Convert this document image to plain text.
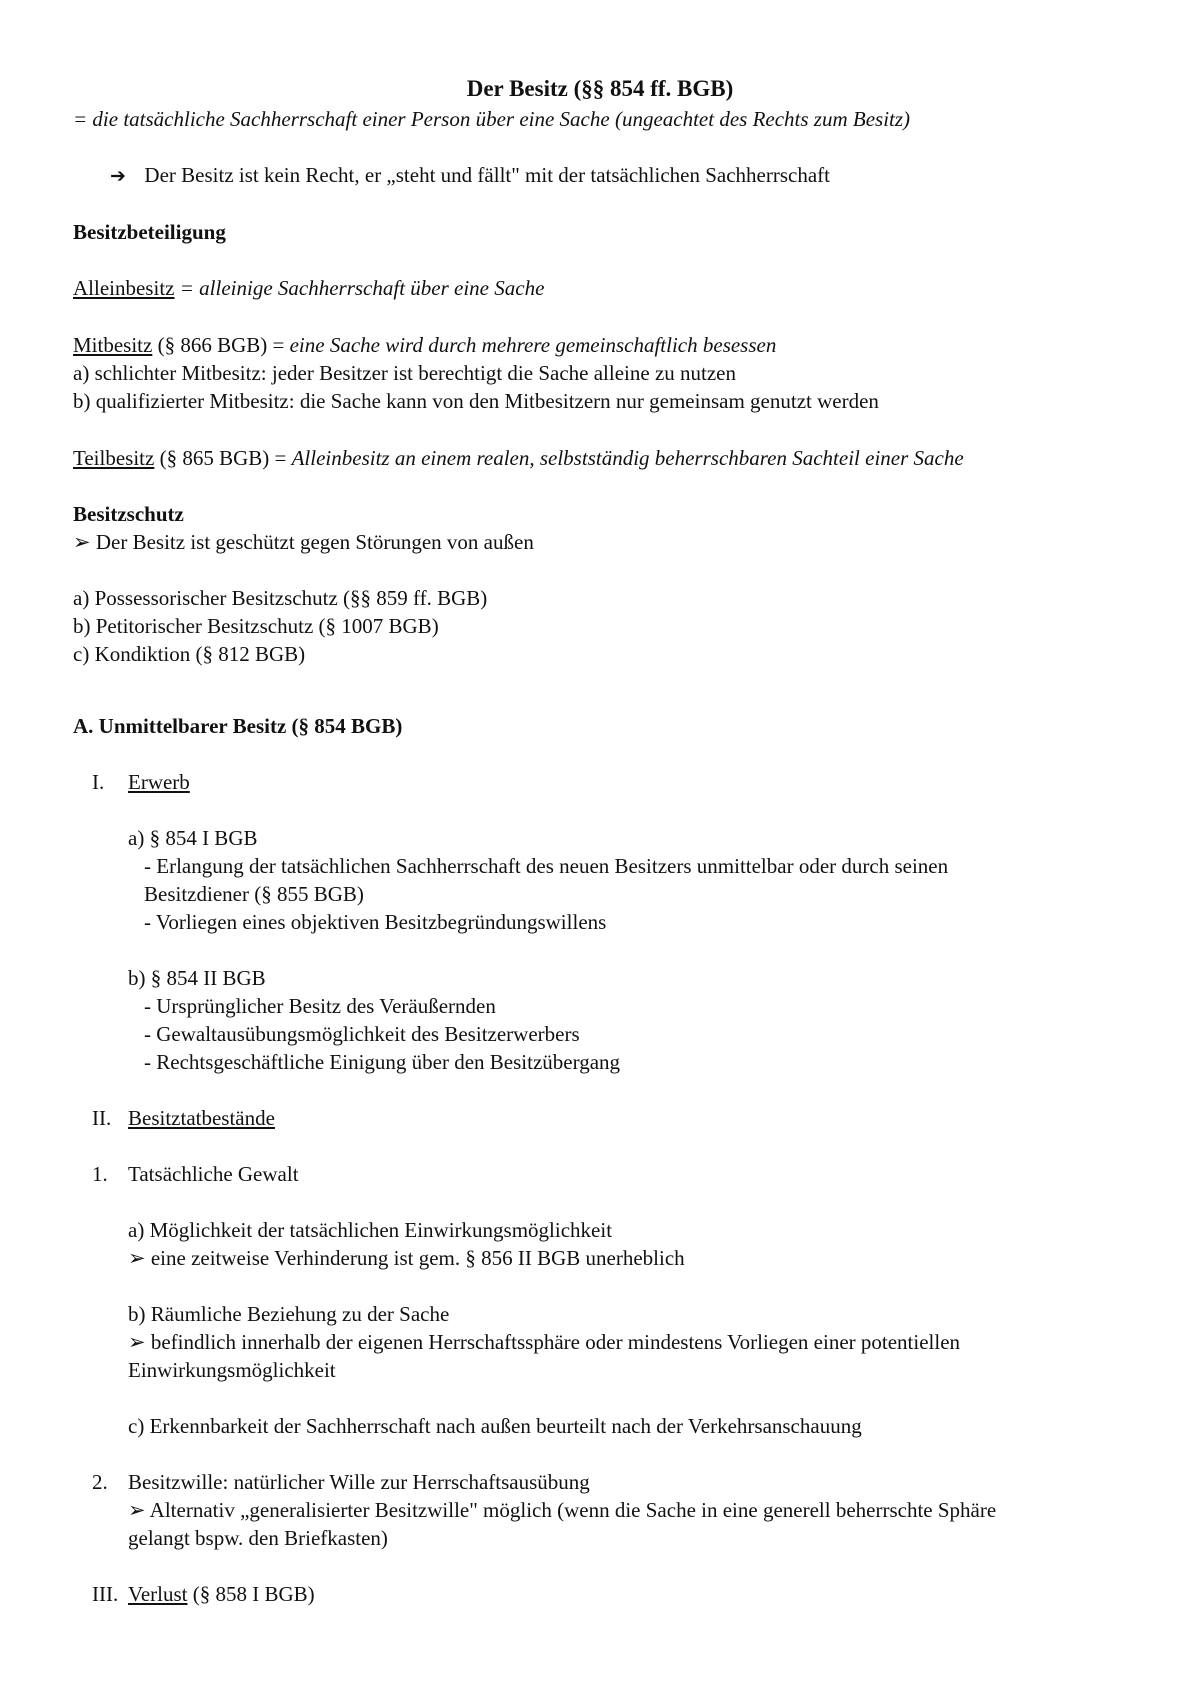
Der Besitz (§§ 854 ff. BGB)
= die tatsächliche Sachherrschaft einer Person über eine Sache (ungeachtet des Rechts zum Besitz)
➔ Der Besitz ist kein Recht, er „steht und fällt" mit der tatsächlichen Sachherrschaft
Besitzbeteiligung
Alleinbesitz = alleinige Sachherrschaft über eine Sache
Mitbesitz (§ 866 BGB) = eine Sache wird durch mehrere gemeinschaftlich besessen
a) schlichter Mitbesitz: jeder Besitzer ist berechtigt die Sache alleine zu nutzen
b) qualifizierter Mitbesitz: die Sache kann von den Mitbesitzern nur gemeinsam genutzt werden
Teilbesitz (§ 865 BGB) = Alleinbesitz an einem realen, selbstständig beherrschbaren Sachteil einer Sache
Besitzschutz
➢ Der Besitz ist geschützt gegen Störungen von außen
a) Possessorischer Besitzschutz (§§ 859 ff. BGB)
b) Petitorischer Besitzschutz (§ 1007 BGB)
c) Kondiktion (§ 812 BGB)
A. Unmittelbarer Besitz (§ 854 BGB)
I. Erwerb
a) § 854 I BGB
- Erlangung der tatsächlichen Sachherrschaft des neuen Besitzers unmittelbar oder durch seinen
Besitzdiener (§ 855 BGB)
- Vorliegen eines objektiven Besitzbegründungswillens
b) § 854 II BGB
- Ursprünglicher Besitz des Veräußernden
- Gewaltausübungsmöglichkeit des Besitzerwerbers
- Rechtsgeschäftliche Einigung über den Besitzübergang
II. Besitztatbestände
1. Tatsächliche Gewalt
a) Möglichkeit der tatsächlichen Einwirkungsmöglichkeit
➢ eine zeitweise Verhinderung ist gem. § 856 II BGB unerheblich
b) Räumliche Beziehung zu der Sache
➢ befindlich innerhalb der eigenen Herrschaftssphäre oder mindestens Vorliegen einer potentiellen
Einwirkungsmöglichkeit
c) Erkennbarkeit der Sachherrschaft nach außen beurteilt nach der Verkehrsanschauung
2. Besitzwille: natürlicher Wille zur Herrschaftsausübung
➢ Alternativ „generalisierter Besitzwille" möglich (wenn die Sache in eine generell beherrschte Sphäre
gelangt bspw. den Briefkasten)
III. Verlust (§ 858 I BGB)
